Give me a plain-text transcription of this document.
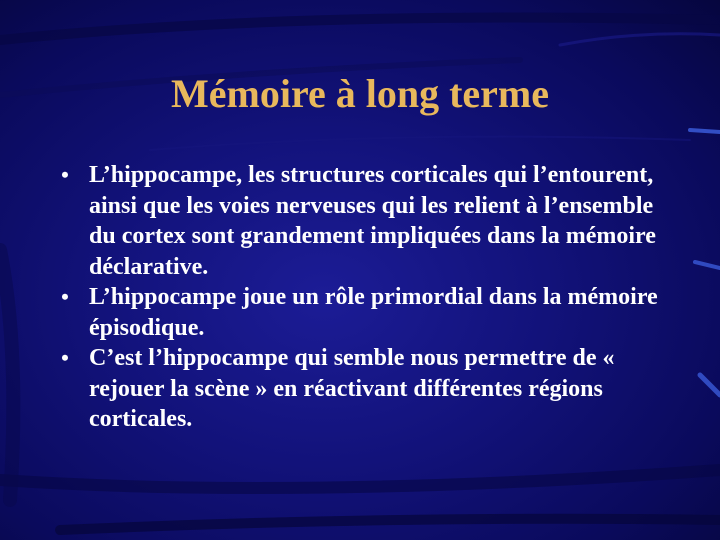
Mémoire à long terme
• L’hippocampe, les structures corticales qui l’entourent, ainsi que les voies nerveuses qui les relient à l’ensemble du cortex sont grandement impliquées dans la mémoire déclarative.
• L’hippocampe joue un rôle primordial dans la mémoire épisodique.
• C’est l’hippocampe qui semble nous permettre de « rejouer la scène » en réactivant différentes régions corticales.
